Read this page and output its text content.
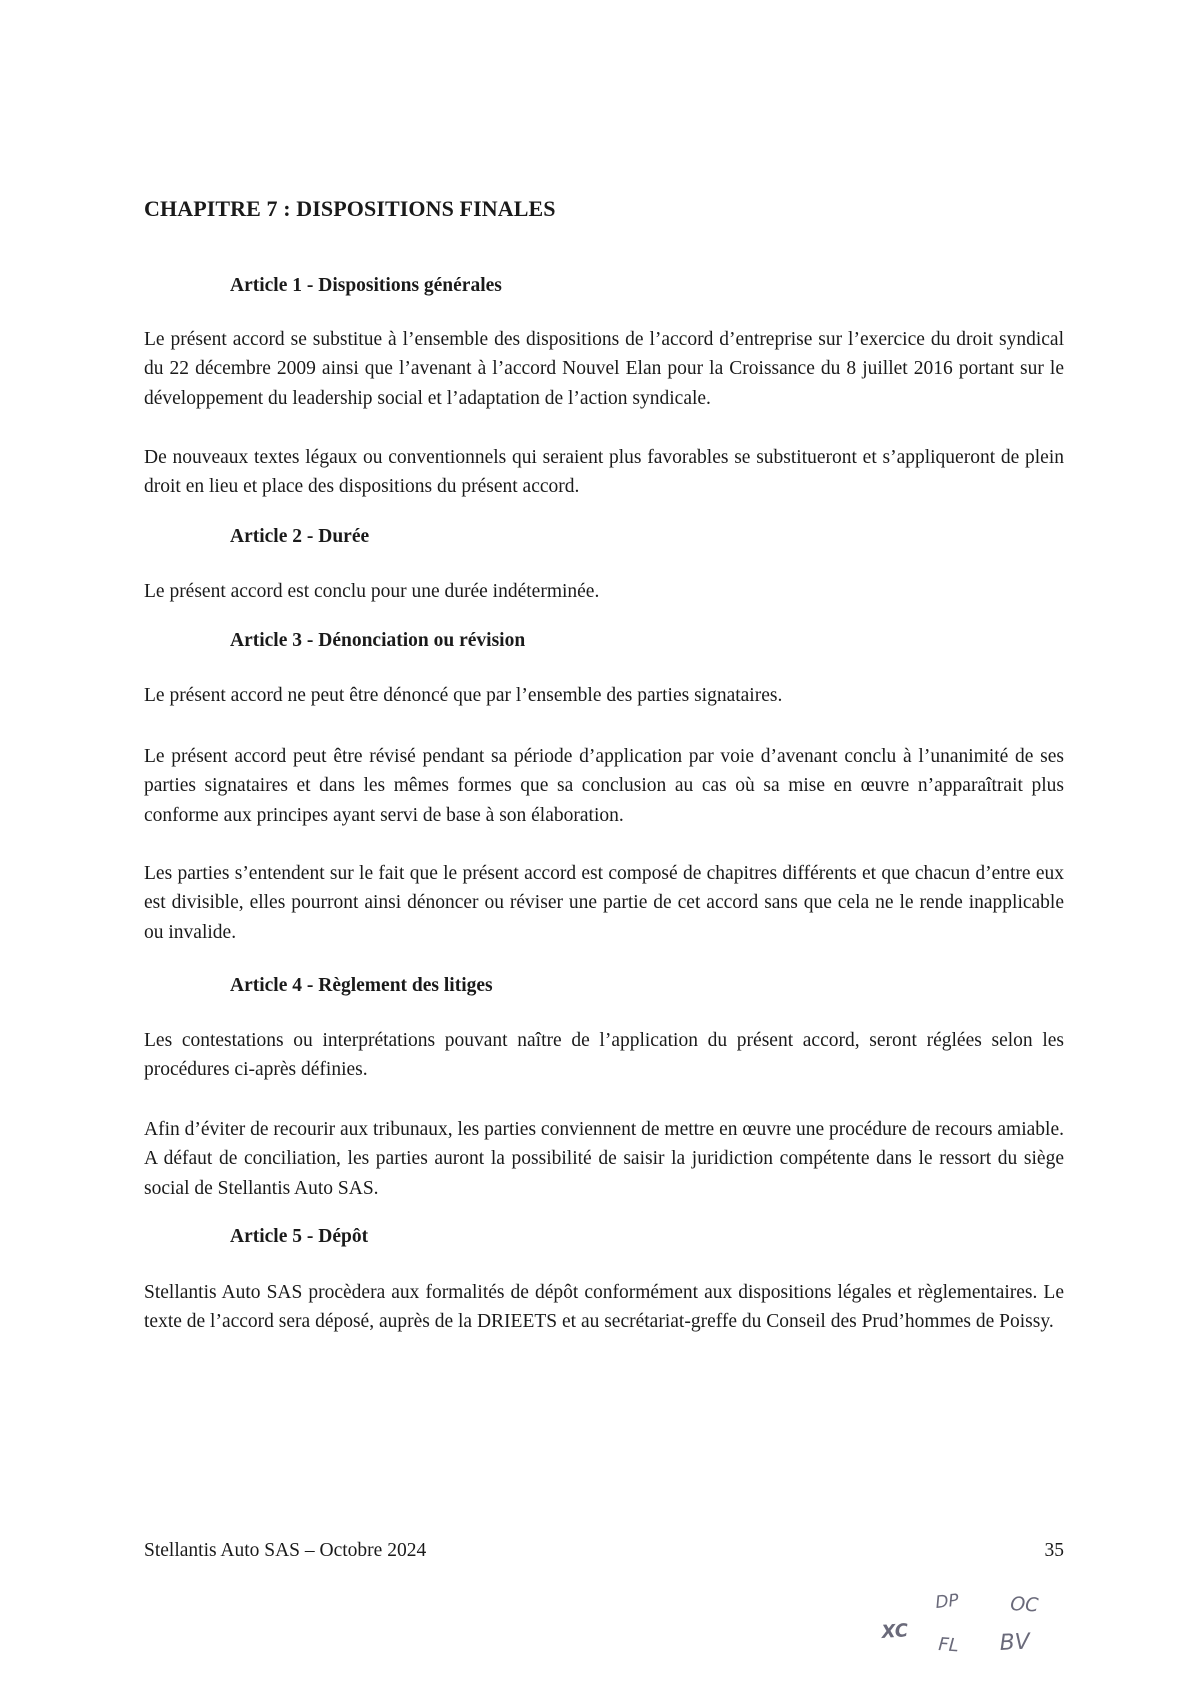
CHAPITRE 7 : DISPOSITIONS FINALES
Article 1 - Dispositions générales

Le présent accord se substitue à l’ensemble des dispositions de l’accord d’entreprise sur l’exercice du droit syndical du 22 décembre 2009 ainsi que l’avenant à l’accord Nouvel Elan pour la Croissance du 8 juillet 2016 portant sur le développement du leadership social et l’adaptation de l’action syndicale.

De nouveaux textes légaux ou conventionnels qui seraient plus favorables se substitueront et s’appliqueront de plein droit en lieu et place des dispositions du présent accord.

Article 2 - Durée

Le présent accord est conclu pour une durée indéterminée.

Article 3 - Dénonciation ou révision

Le présent accord ne peut être dénoncé que par l’ensemble des parties signataires.

Le présent accord peut être révisé pendant sa période d’application par voie d’avenant conclu à l’unanimité de ses parties signataires et dans les mêmes formes que sa conclusion au cas où sa mise en œuvre n’apparaîtrait plus conforme aux principes ayant servi de base à son élaboration.

Les parties s’entendent sur le fait que le présent accord est composé de chapitres différents et que chacun d’entre eux est divisible, elles pourront ainsi dénoncer ou réviser une partie de cet accord sans que cela ne le rende inapplicable ou invalide.

Article 4 - Règlement des litiges

Les contestations ou interprétations pouvant naître de l’application du présent accord, seront réglées selon les procédures ci-après définies.

Afin d’éviter de recourir aux tribunaux, les parties conviennent de mettre en œuvre une procédure de recours amiable. A défaut de conciliation, les parties auront la possibilité de saisir la juridiction compétente dans le ressort du siège social de Stellantis Auto SAS.

Article 5 - Dépôt

Stellantis Auto SAS procèdera aux formalités de dépôt conformément aux dispositions légales et règlementaires. Le texte de l’accord sera déposé, auprès de la DRIEETS et au secrétariat-greffe du Conseil des Prud’hommes de Poissy.

Stellantis Auto SAS – Octobre 2024	35

XC
DP	OC
FL BV
